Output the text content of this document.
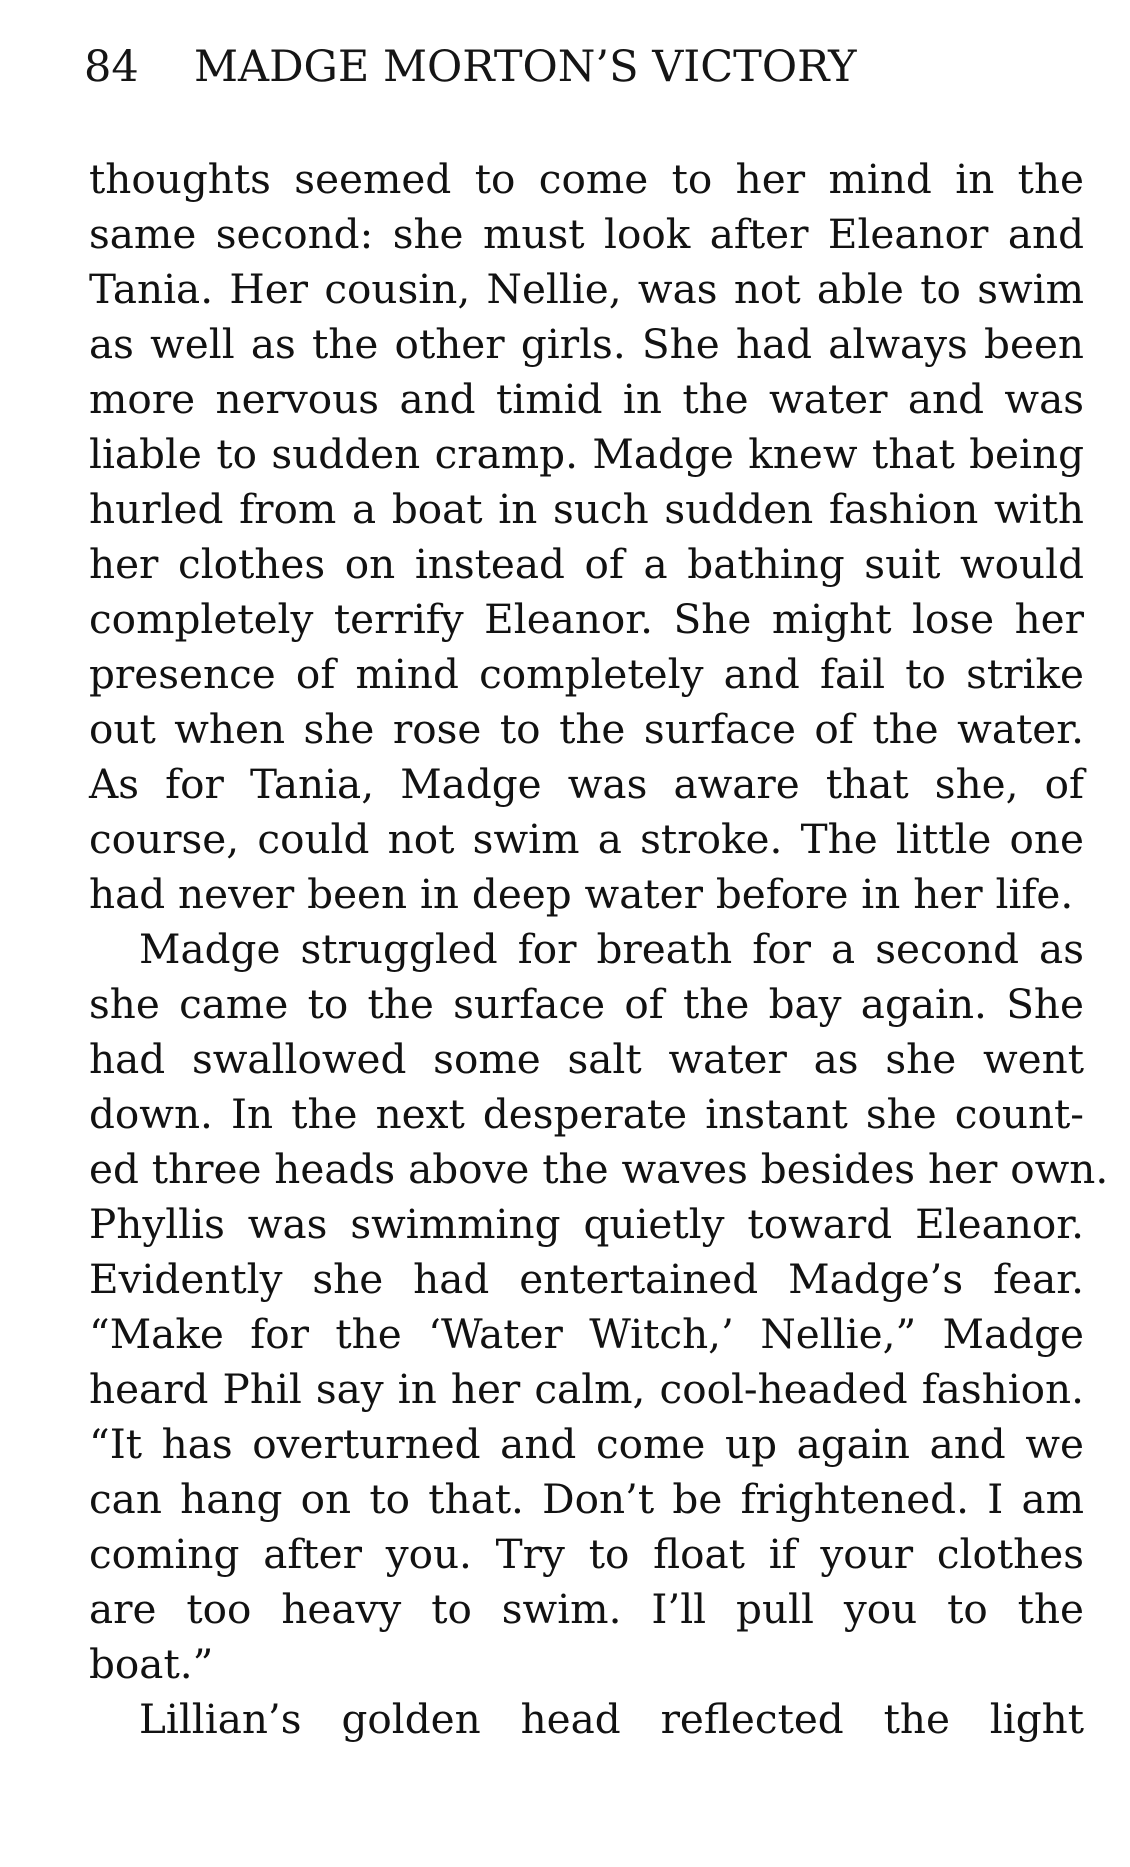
84 MADGE MORTON’S VICTORY
thoughts seemed to come to her mind in the
same second: she must look after Eleanor and
Tania. Her cousin, Nellie, was not able to swim
as well as the other girls. She had always been
more nervous and timid in the water and was
liable to sudden cramp. Madge knew that being
hurled from a boat in such sudden fashion with
her clothes on instead of a bathing suit would
completely terrify Eleanor. She might lose her
presence of mind completely and fail to strike
out when she rose to the surface of the water.
As for Tania, Madge was aware that she, of
course, could not swim a stroke. The little one
had never been in deep water before in her life.
Madge struggled for breath for a second as
she came to the surface of the bay again. She
had swallowed some salt water as she went
down. In the next desperate instant she count-
ed three heads above the waves besides her own.
Phyllis was swimming quietly toward Eleanor.
Evidently she had entertained Madge’s fear.
“Make for the ‘Water Witch,’ Nellie,” Madge
heard Phil say in her calm, cool-headed fashion.
“It has overturned and come up again and we
can hang on to that. Don’t be frightened. I am
coming after you. Try to float if your clothes
are too heavy to swim. I’ll pull you to the
boat.”
Lillian’s golden head reflected the light
